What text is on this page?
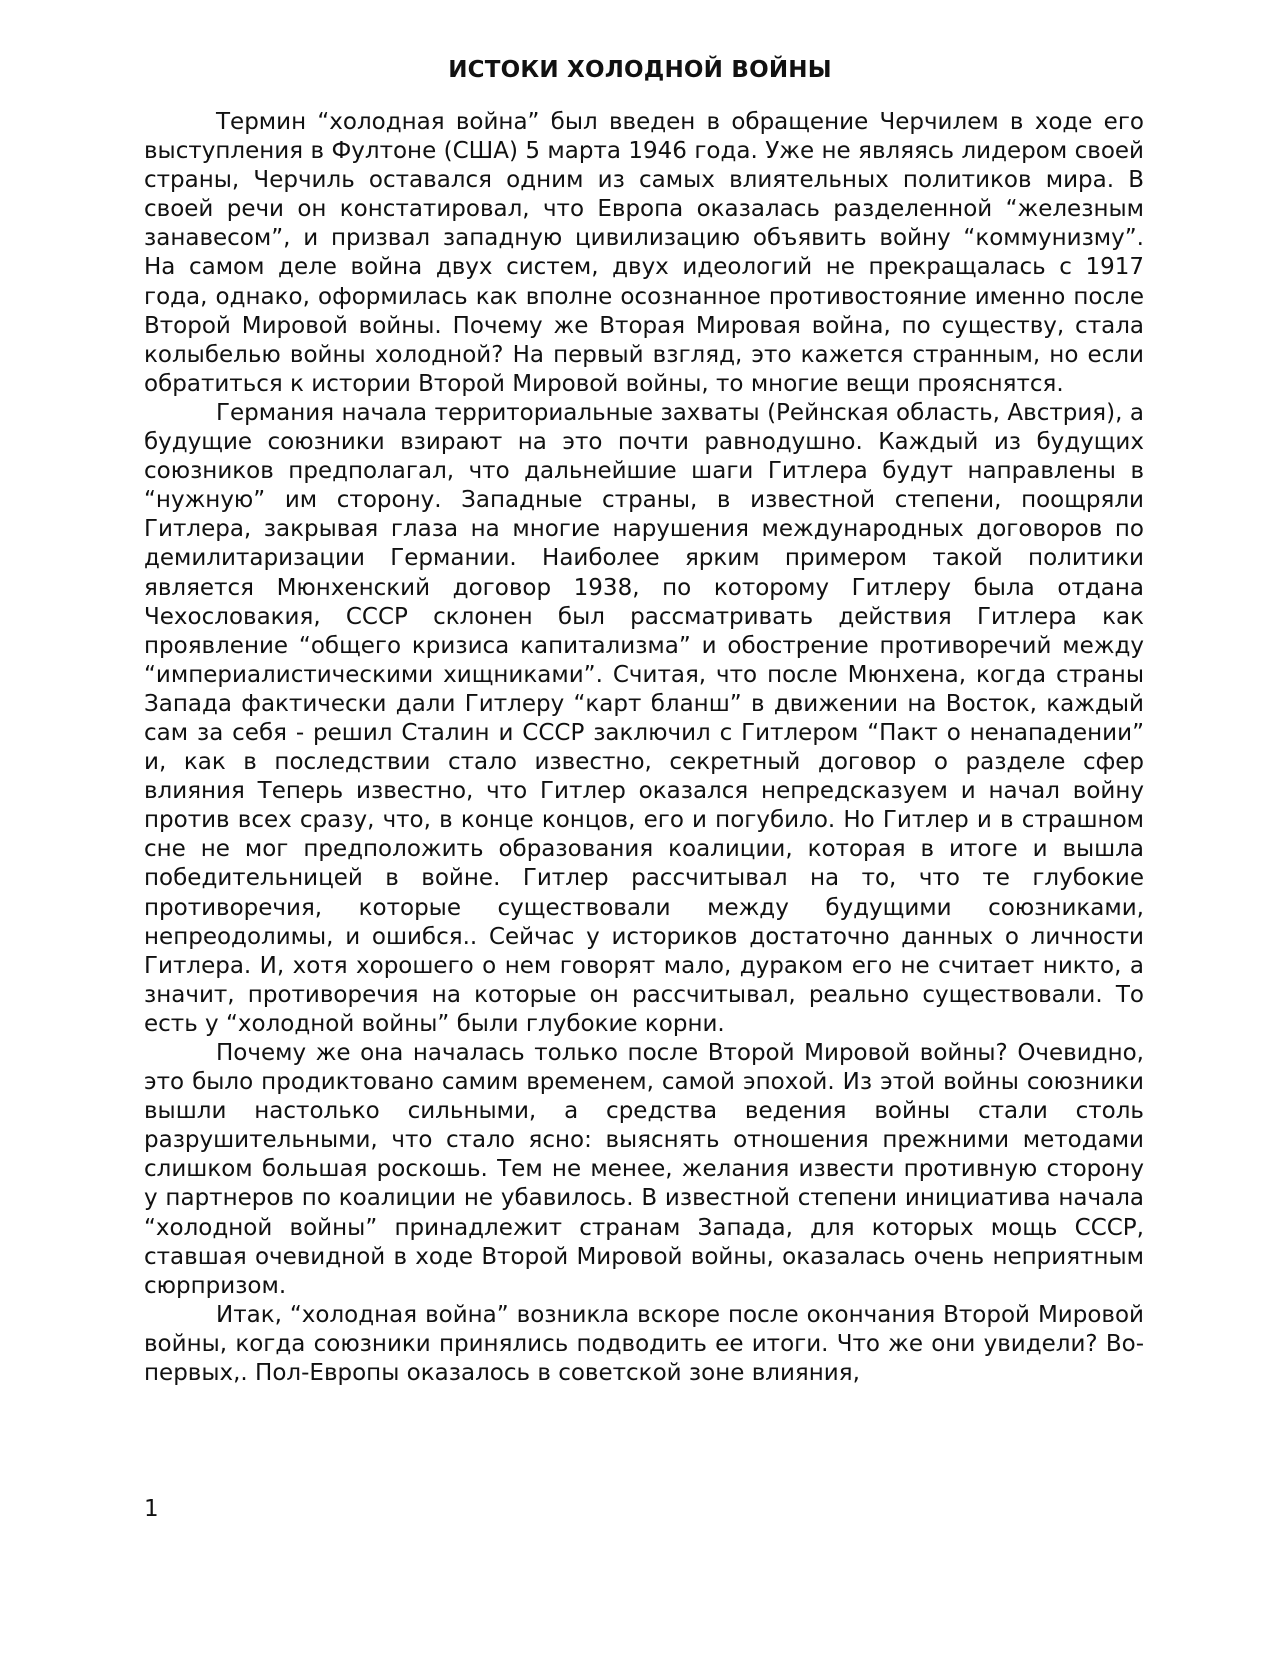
ИСТОКИ ХОЛОДНОЙ ВОЙНЫ

Термин “холодная война” был введен в обращение Черчилем в ходе его выступления в Фултоне (США) 5 марта 1946 года. Уже не являясь лидером своей страны, Черчиль оставался одним из самых влиятельных политиков мира. В своей речи он констатировал, что Европа оказалась разделенной “железным занавесом”, и призвал западную цивилизацию объявить войну “коммунизму”. На самом деле война двух систем, двух идеологий не прекращалась с 1917 года, однако, оформилась как вполне осознанное противостояние именно после Второй Мировой войны. Почему же Вторая Мировая война, по существу, стала колыбелью войны холодной? На первый взгляд, это кажется странным, но если обратиться к истории Второй Мировой войны, то многие вещи прояснятся.

Германия начала территориальные захваты (Рейнская область, Австрия), а будущие союзники взирают на это почти равнодушно. Каждый из будущих союзников предполагал, что дальнейшие шаги Гитлера будут направлены в “нужную” им сторону. Западные страны, в известной степени, поощряли Гитлера, закрывая глаза на многие нарушения международных договоров по демилитаризации Германии. Наиболее ярким примером такой политики является Мюнхенский договор 1938, по которому Гитлеру была отдана Чехословакия, СССР склонен был рассматривать действия Гитлера как проявление “общего кризиса капитализма” и обострение противоречий между “империалистическими хищниками”. Считая, что после Мюнхена, когда страны Запада фактически дали Гитлеру “карт бланш” в движении на Восток, каждый сам за себя - решил Сталин и СССР заключил с Гитлером “Пакт о ненападении” и, как в последствии стало известно, секретный договор о разделе сфер влияния Теперь известно, что Гитлер оказался непредсказуем и начал войну против всех сразу, что, в конце концов, его и погубило. Но Гитлер и в страшном сне не мог предположить образования коалиции, которая в итоге и вышла победительницей в войне. Гитлер рассчитывал на то, что те глубокие противоречия, которые существовали между будущими союзниками, непреодолимы, и ошибся.. Сейчас у историков достаточно данных о личности Гитлера. И, хотя хорошего о нем говорят мало, дураком его не считает никто, а значит, противоречия на которые он рассчитывал, реально существовали. То есть у “холодной войны” были глубокие корни.

Почему же она началась только после Второй Мировой войны? Очевидно, это было продиктовано самим временем, самой эпохой. Из этой войны союзники вышли настолько сильными, а средства ведения войны стали столь разрушительными, что стало ясно: выяснять отношения прежними методами слишком большая роскошь. Тем не менее, желания извести противную сторону у партнеров по коалиции не убавилось. В известной степени инициатива начала “холодной войны” принадлежит странам Запада, для которых мощь СССР, ставшая очевидной в ходе Второй Мировой войны, оказалась очень неприятным сюрпризом.

Итак, “холодная война” возникла вскоре после окончания Второй Мировой войны, когда союзники принялись подводить ее итоги. Что же они увидели? Во-первых,. Пол-Европы оказалось в советской зоне влияния,

1
